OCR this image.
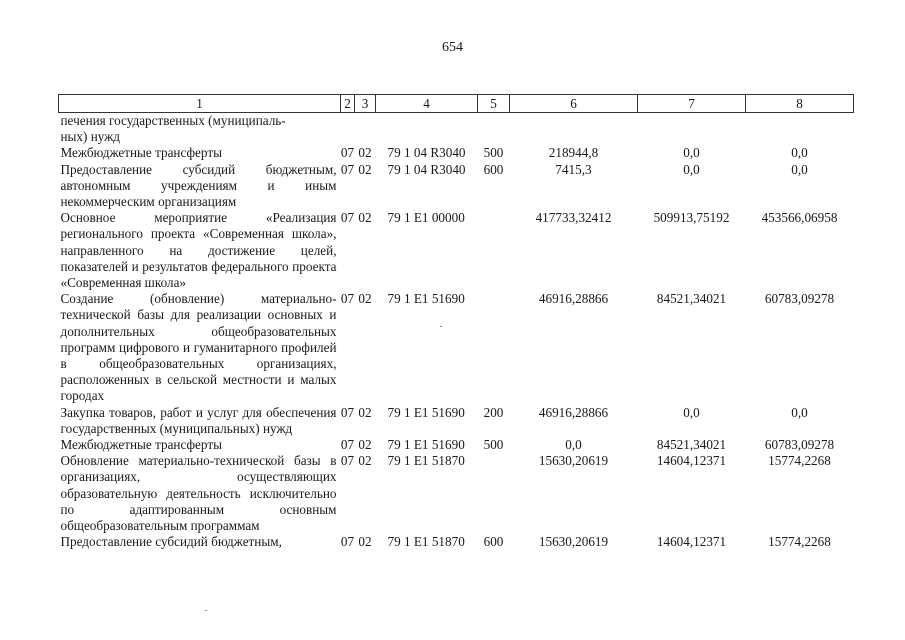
654
1	2	3	4	5	6	7	8
печения государственных (муниципаль-
ных) нужд							
Межбюджетные трансферты	07	02	79 1 04 R3040	500	218944,8	0,0	0,0
Предоставление субсидий бюджетным, автономным учреждениям и иным некоммерческим организациям	07	02	79 1 04 R3040	600	7415,3	0,0	0,0
Основное мероприятие «Реализация регионального проекта «Современная школа», направленного на достижение целей, показателей и результатов федерального проекта «Современная школа»	07	02	79 1 E1 00000		417733,32412	509913,75192	453566,06958
Создание (обновление) материально-технической базы для реализации основных и дополнительных общеобразовательных программ цифрового и гуманитарного профилей в общеобразовательных организациях, расположенных в сельской местности и малых городах	07	02	79 1 E1 51690		46916,28866	84521,34021	60783,09278
Закупка товаров, работ и услуг для обеспечения государственных (муниципальных) нужд	07	02	79 1 E1 51690	200	46916,28866	0,0	0,0
Межбюджетные трансферты	07	02	79 1 E1 51690	500	0,0	84521,34021	60783,09278
Обновление материально-технической базы в организациях, осуществляющих образовательную деятельность исключительно по адаптированным основным общеобразовательным программам	07	02	79 1 E1 51870		15630,20619	14604,12371	15774,2268
Предоставление субсидий бюджетным,	07	02	79 1 E1 51870	600	15630,20619	14604,12371	15774,2268
